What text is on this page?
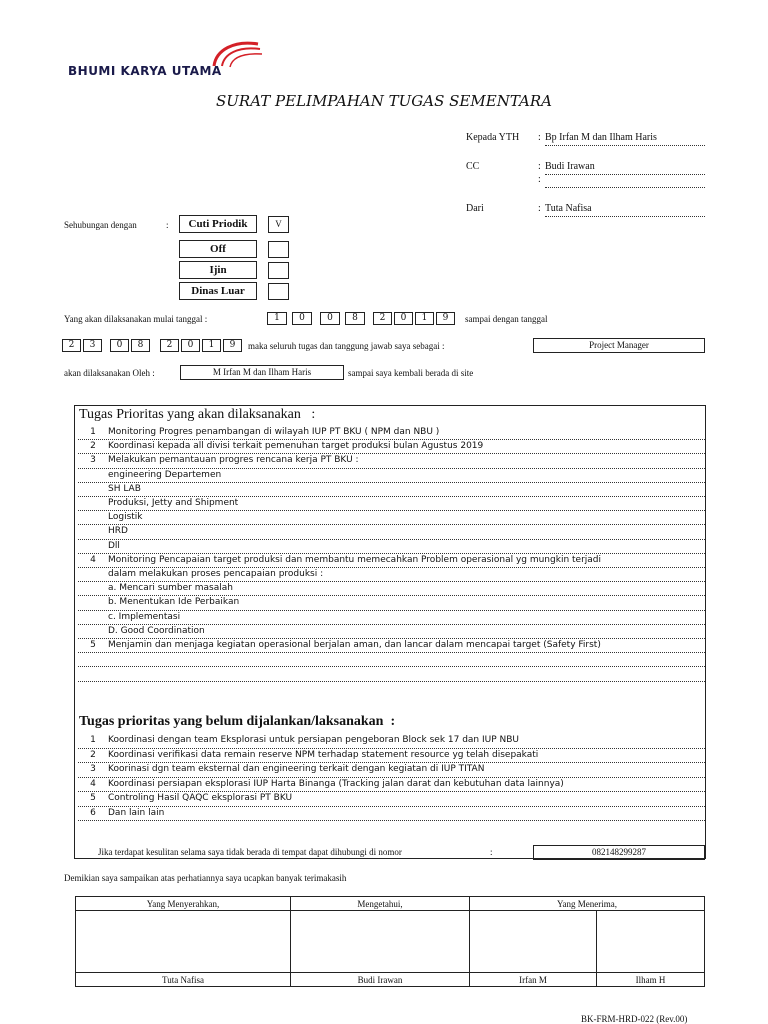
BHUMI KARYA UTAMA
SURAT PELIMPAHAN TUGAS SEMENTARA
Kepada YTH : Bp Irfan M dan Ilham Haris
CC	: Budi Irawan
:
Dari	: Tuta Nafisa
Sehubungan dengan	:	Cuti Priodik	V
Off
Ijin
Dinas Luar
Yang akan dilaksanakan mulai tanggal :	1	0	0	8	2	0	1	9	sampai dengan tanggal
2	3	0	8	2	0	1	9	maka seluruh tugas dan tanggung jawab saya sebagai :	Project Manager
akan dilaksanakan Oleh :	M Irfan M dan Ilham Haris	sampai saya kembali berada di site
Tugas Prioritas yang akan dilaksanakan   :
1	Monitoring Progres penambangan di wilayah IUP PT BKU ( NPM dan NBU )
2	Koordinasi kepada all divisi terkait pemenuhan target produksi bulan Agustus 2019
3	Melakukan pemantauan progres rencana kerja PT BKU :
engineering Departemen
SH LAB
Produksi, Jetty and Shipment
Logistik
HRD
Dll
4	Monitoring Pencapaian target produksi dan membantu memecahkan Problem operasional yg mungkin terjadi
dalam melakukan proses pencapaian produksi :
a. Mencari sumber masalah
b. Menentukan Ide Perbaikan
c. Implementasi
D. Good Coordination
5	Menjamin dan menjaga kegiatan operasional berjalan aman, dan lancar dalam mencapai target (Safety First)
Tugas prioritas yang belum dijalankan/laksanakan  :
1	Koordinasi dengan team Eksplorasi untuk persiapan pengeboran Block sek 17 dan IUP NBU
2	Koordinasi verifikasi data remain reserve NPM terhadap statement resource yg telah disepakati
3	Koorinasi dgn team eksternal dan engineering terkait dengan kegiatan di IUP TITAN
4	Koordinasi persiapan eksplorasi IUP Harta Binanga (Tracking jalan darat dan kebutuhan data lainnya)
5	Controling Hasil QAQC eksplorasi PT BKU
6	Dan lain lain
Jika terdapat kesulitan selama saya tidak berada di tempat dapat dihubungi di nomor	:	082148299287
Demikian saya sampaikan atas perhatiannya saya ucapkan banyak terimakasih
Yang Menyerahkan,	Mengetahui,	Yang Menerima,	

Tuta Nafisa	Budi Irawan	Irfan M	Ilham H
BK-FRM-HRD-022 (Rev.00)
